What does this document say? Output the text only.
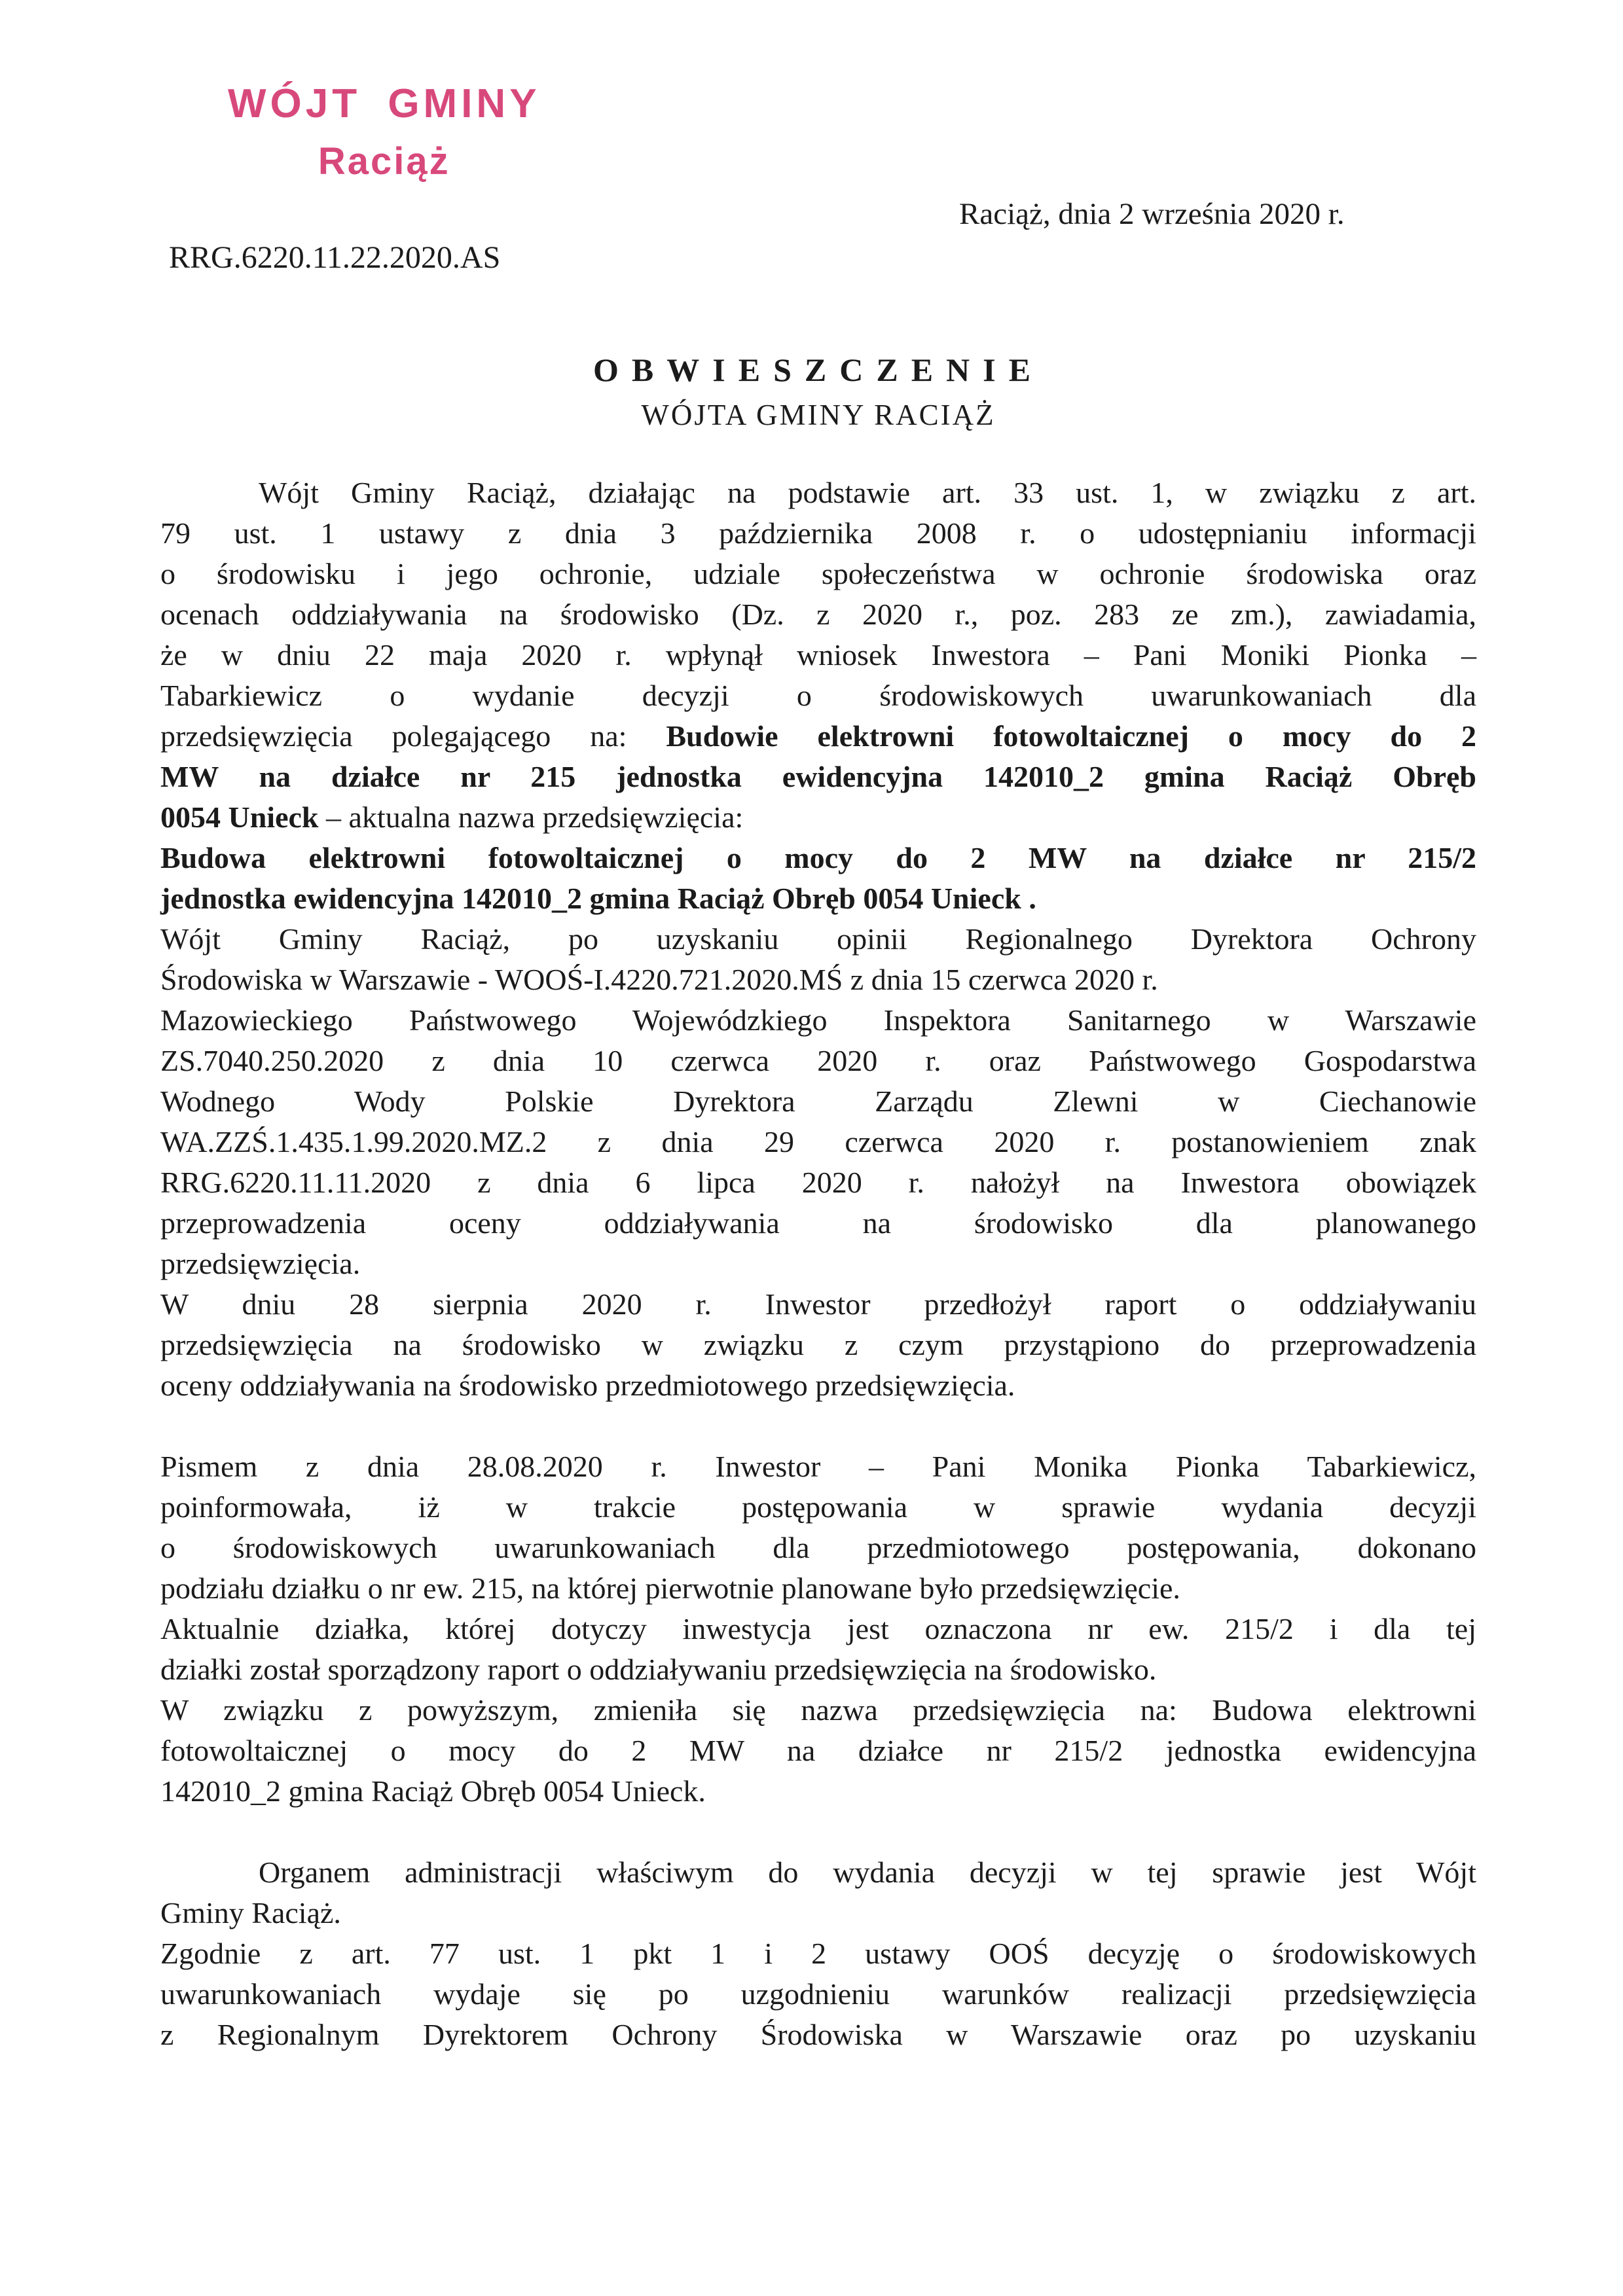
WÓJT GMINY
Raciąż
Raciąż, dnia 2 września 2020 r.
RRG.6220.11.22.2020.AS
OBWIESZCZENIE
WÓJTA GMINY RACIĄŻ
Wójt Gminy Raciąż, działając na podstawie art. 33 ust. 1, w związku z art.
79 ust. 1 ustawy z dnia 3 października 2008 r. o udostępnianiu informacji
o środowisku i jego ochronie, udziale społeczeństwa w ochronie środowiska oraz
ocenach oddziaływania na środowisko (Dz. z 2020 r., poz. 283 ze zm.), zawiadamia,
że w dniu 22 maja 2020 r. wpłynął wniosek Inwestora – Pani Moniki Pionka –
Tabarkiewicz o wydanie decyzji o środowiskowych uwarunkowaniach dla
przedsięwzięcia polegającego na: Budowie elektrowni fotowoltaicznej o mocy do 2
MW na działce nr 215 jednostka ewidencyjna 142010_2 gmina Raciąż Obręb
0054 Unieck – aktualna nazwa przedsięwzięcia:
Budowa elektrowni fotowoltaicznej o mocy do 2 MW na działce nr 215/2
jednostka ewidencyjna 142010_2 gmina Raciąż Obręb 0054 Unieck .
Wójt Gminy Raciąż, po uzyskaniu opinii Regionalnego Dyrektora Ochrony
Środowiska w Warszawie - WOOŚ-I.4220.721.2020.MŚ z dnia 15 czerwca 2020 r.
Mazowieckiego Państwowego Wojewódzkiego Inspektora Sanitarnego w Warszawie
ZS.7040.250.2020 z dnia 10 czerwca 2020 r. oraz Państwowego Gospodarstwa
Wodnego Wody Polskie Dyrektora Zarządu Zlewni w Ciechanowie
WA.ZZŚ.1.435.1.99.2020.MZ.2 z dnia 29 czerwca 2020 r. postanowieniem znak
RRG.6220.11.11.2020 z dnia 6 lipca 2020 r. nałożył na Inwestora obowiązek
przeprowadzenia oceny oddziaływania na środowisko dla planowanego
przedsięwzięcia.
W dniu 28 sierpnia 2020 r. Inwestor przedłożył raport o oddziaływaniu
przedsięwzięcia na środowisko w związku z czym przystąpiono do przeprowadzenia
oceny oddziaływania na środowisko przedmiotowego przedsięwzięcia.
Pismem z dnia 28.08.2020 r. Inwestor – Pani Monika Pionka Tabarkiewicz,
poinformowała, iż w trakcie postępowania w sprawie wydania decyzji
o środowiskowych uwarunkowaniach dla przedmiotowego postępowania, dokonano
podziału działku o nr ew. 215, na której pierwotnie planowane było przedsięwzięcie.
Aktualnie działka, której dotyczy inwestycja jest oznaczona nr ew. 215/2 i dla tej
działki został sporządzony raport o oddziaływaniu przedsięwzięcia na środowisko.
W związku z powyższym, zmieniła się nazwa przedsięwzięcia na: Budowa elektrowni
fotowoltaicznej o mocy do 2 MW na działce nr 215/2 jednostka ewidencyjna
142010_2 gmina Raciąż Obręb 0054 Unieck.
Organem administracji właściwym do wydania decyzji w tej sprawie jest Wójt
Gminy Raciąż.
Zgodnie z art. 77 ust. 1 pkt 1 i 2 ustawy OOŚ decyzję o środowiskowych
uwarunkowaniach wydaje się po uzgodnieniu warunków realizacji przedsięwzięcia
z Regionalnym Dyrektorem Ochrony Środowiska w Warszawie oraz po uzyskaniu
